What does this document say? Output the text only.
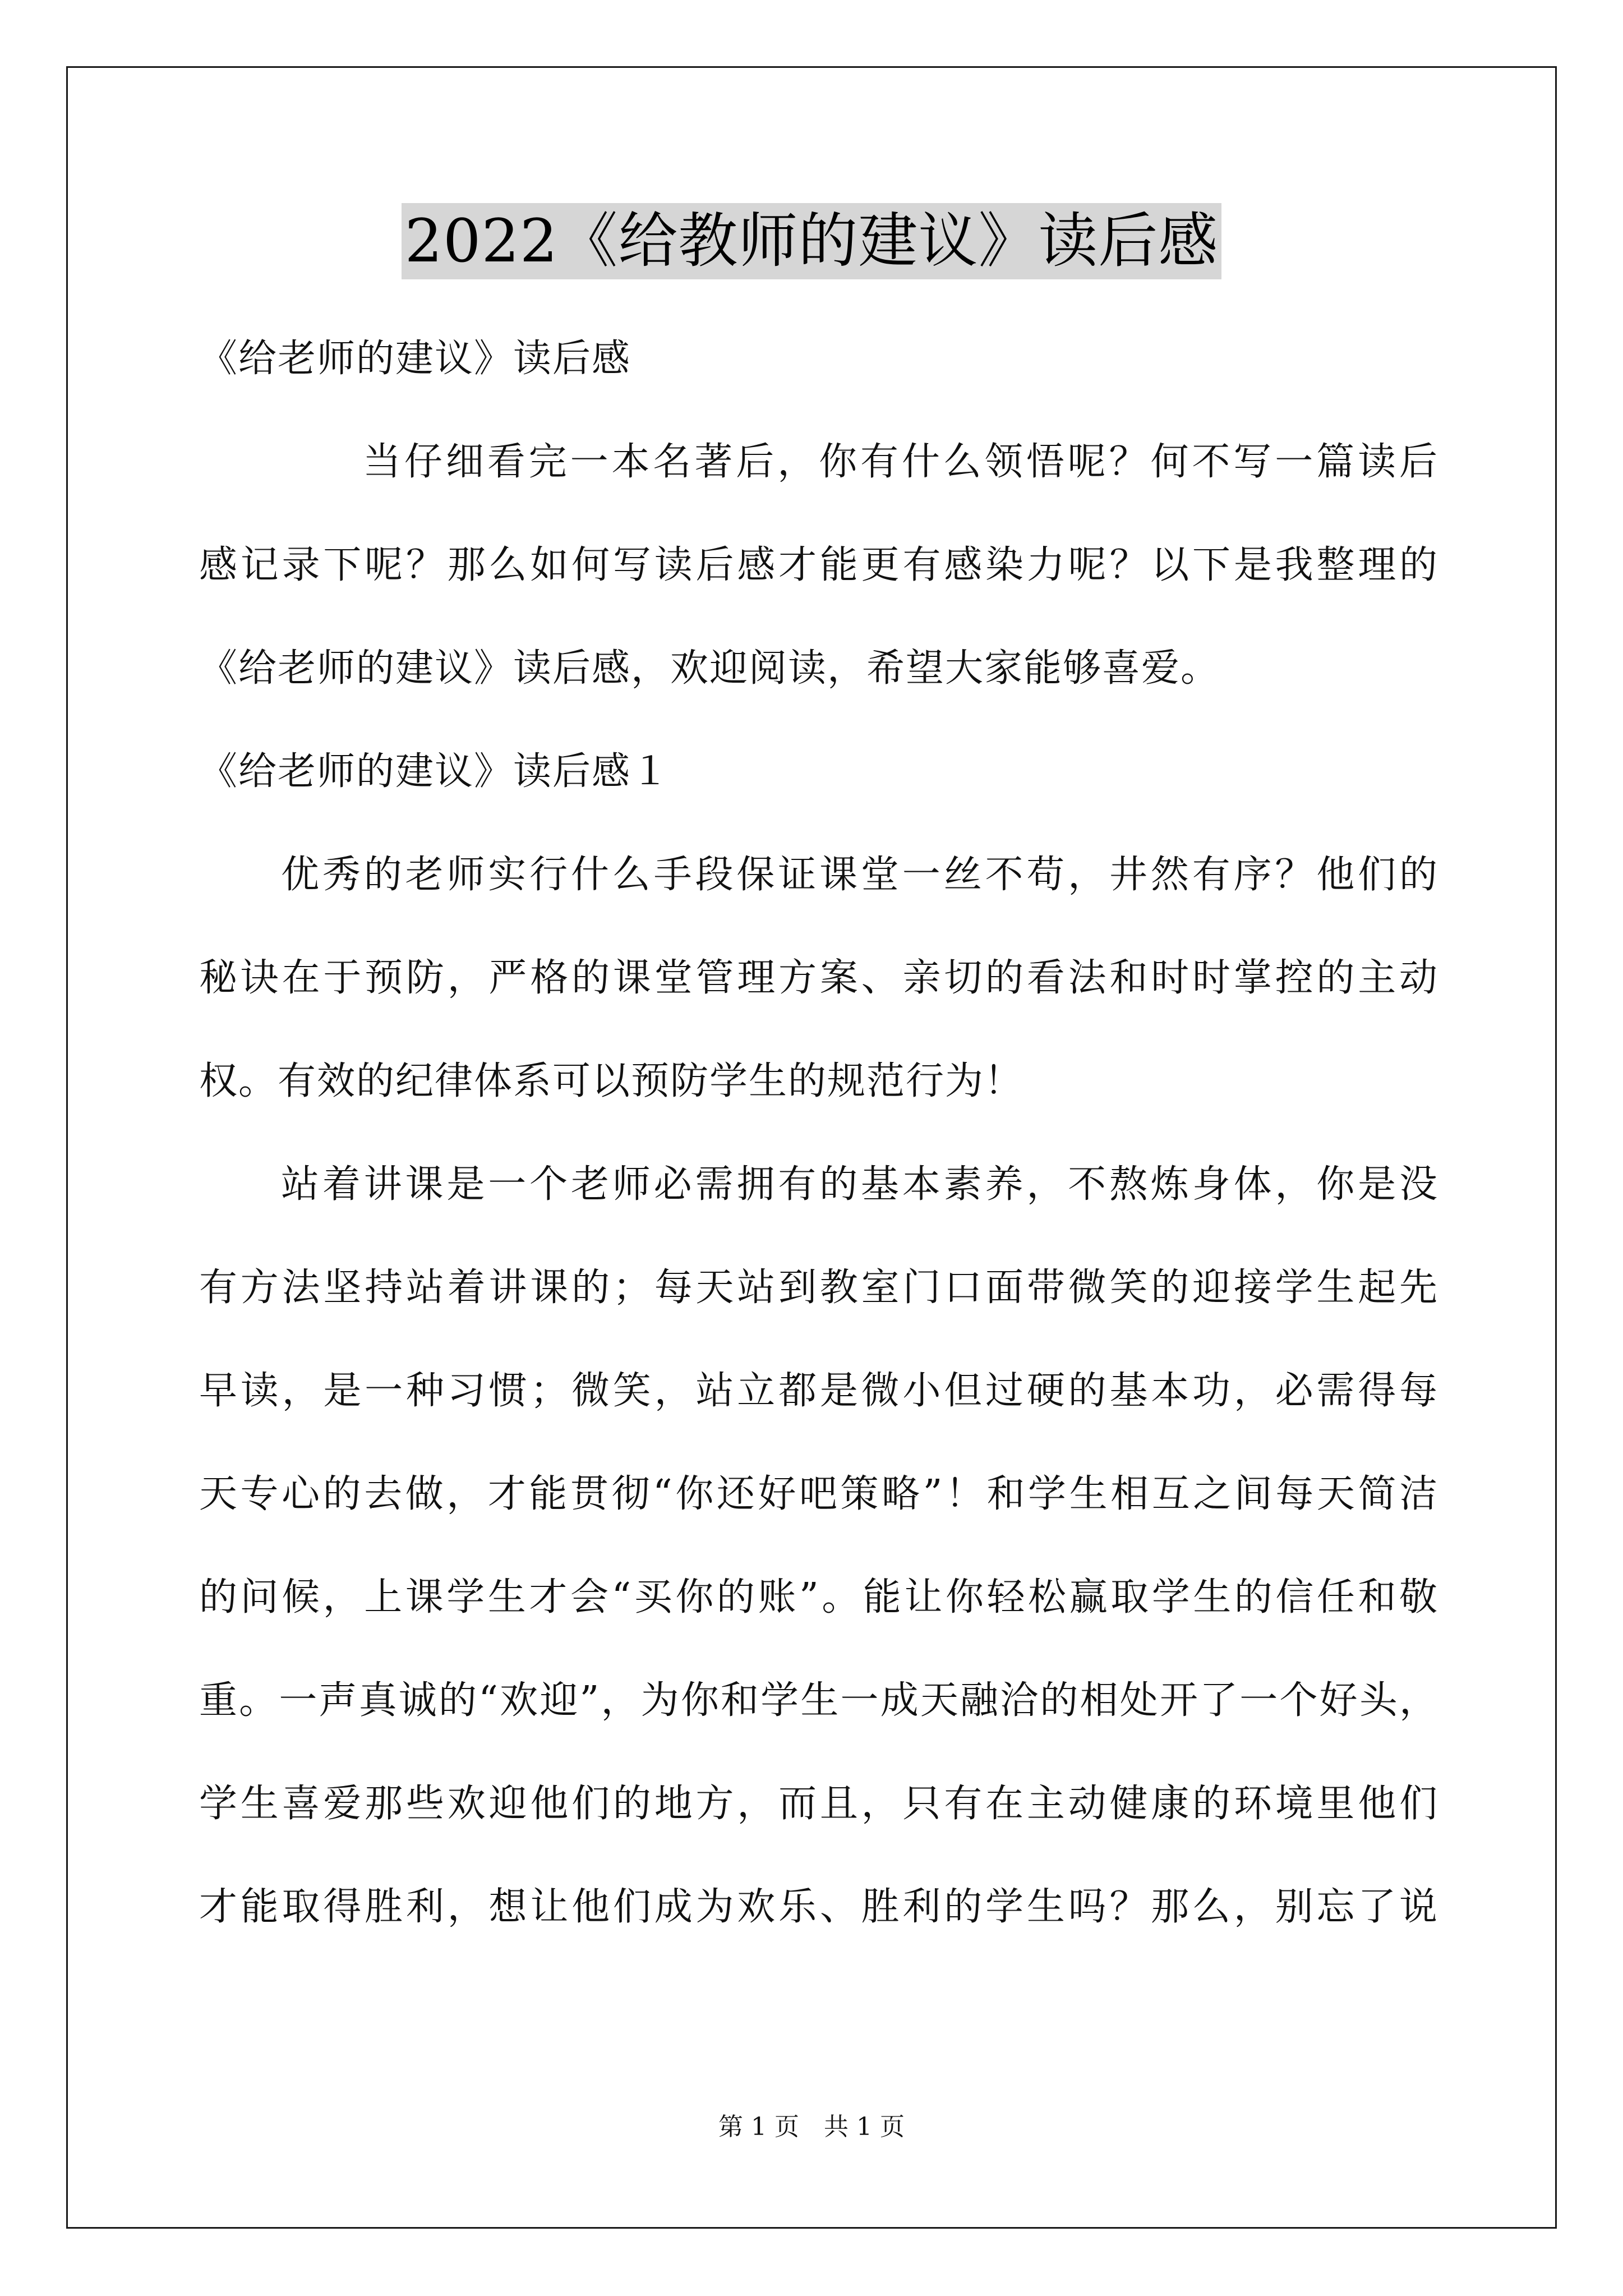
2022《给教师的建议》读后感
《给老师的建议》读后感
当仔细看完一本名著后，你有什么领悟呢？何不写一篇读后
感记录下呢？那么如何写读后感才能更有感染力呢？以下是我整理的
《给老师的建议》读后感，欢迎阅读，希望大家能够喜爱。
《给老师的建议》读后感１
优秀的老师实行什么手段保证课堂一丝不苟，井然有序？他们的
秘诀在于预防，严格的课堂管理方案、亲切的看法和时时掌控的主动
权。有效的纪律体系可以预防学生的规范行为！
站着讲课是一个老师必需拥有的基本素养，不熬炼身体，你是没
有方法坚持站着讲课的；每天站到教室门口面带微笑的迎接学生起先
早读，是一种习惯；微笑，站立都是微小但过硬的基本功，必需得每
天专心的去做，才能贯彻“你还好吧策略”！和学生相互之间每天简洁
的问候，上课学生才会“买你的账”。能让你轻松赢取学生的信任和敬
重。一声真诚的“欢迎”，为你和学生一成天融洽的相处开了一个好头，
学生喜爱那些欢迎他们的地方，而且，只有在主动健康的环境里他们
才能取得胜利，想让他们成为欢乐、胜利的学生吗？那么，别忘了说
第 1 页　共 1 页
